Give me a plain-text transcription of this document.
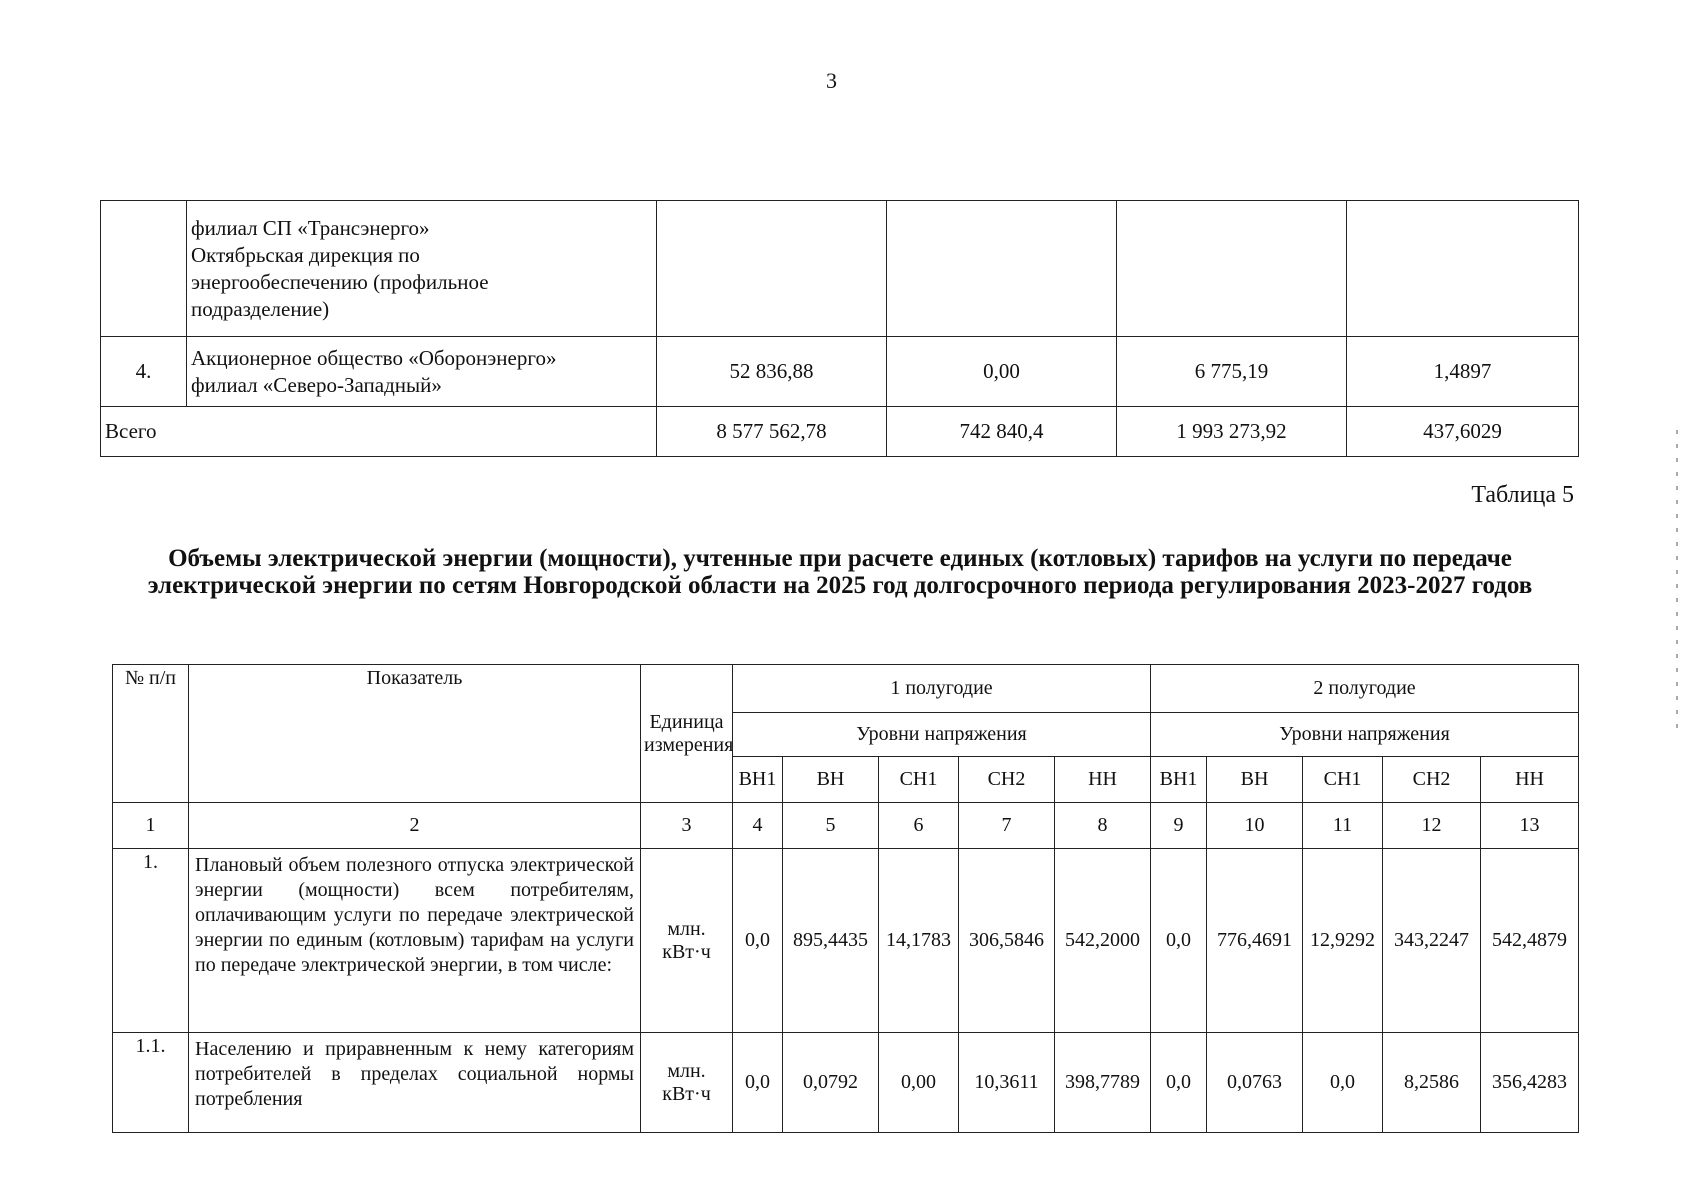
3

	филиал СП «Трансэнерго»
Октябрьская дирекция по
энергообеспечению (профильное
подразделение)				

4.	Акционерное общество «Оборонэнерго»
филиал «Северо-Западный»	52 836,88	0,00	6 775,19	1,4897
Всего		8 577 562,78	742 840,4	1 993 273,92	437,6029
Таблица 5
Объемы электрической энергии (мощности), учтенные при расчете единых (котловых) тарифов на услуги по передаче электрической энергии по сетям Новгородской области на 2025 год долгосрочного периода регулирования 2023-2027 годов
№ п/п	Показатель	Единица измерения	1 полугодие					2 полугодие				
			Уровни напряжения					Уровни напряжения				
			ВН1	ВН	СН1	СН2	НН	ВН1	ВН	СН1	СН2	НН
1	2	3	4	5	6	7	8	9	10	11	12	13
1.	Плановый объем полезного отпуска электрической энергии (мощности) всем потребителям, оплачивающим услуги по передаче электрической энергии по единым (котловым) тарифам на услуги по передаче электрической энергии, в том числе:	млн. кВт·ч	0,0	895,4435	14,1783	306,5846	542,2000	0,0	776,4691	12,9292	343,2247	542,4879
1.1.	Населению и приравненным к нему категориям потребителей в пределах социальной нормы потребления	млн. кВт·ч	0,0	0,0792	0,00	10,3611	398,7789	0,0	0,0763	0,0	8,2586	356,4283
